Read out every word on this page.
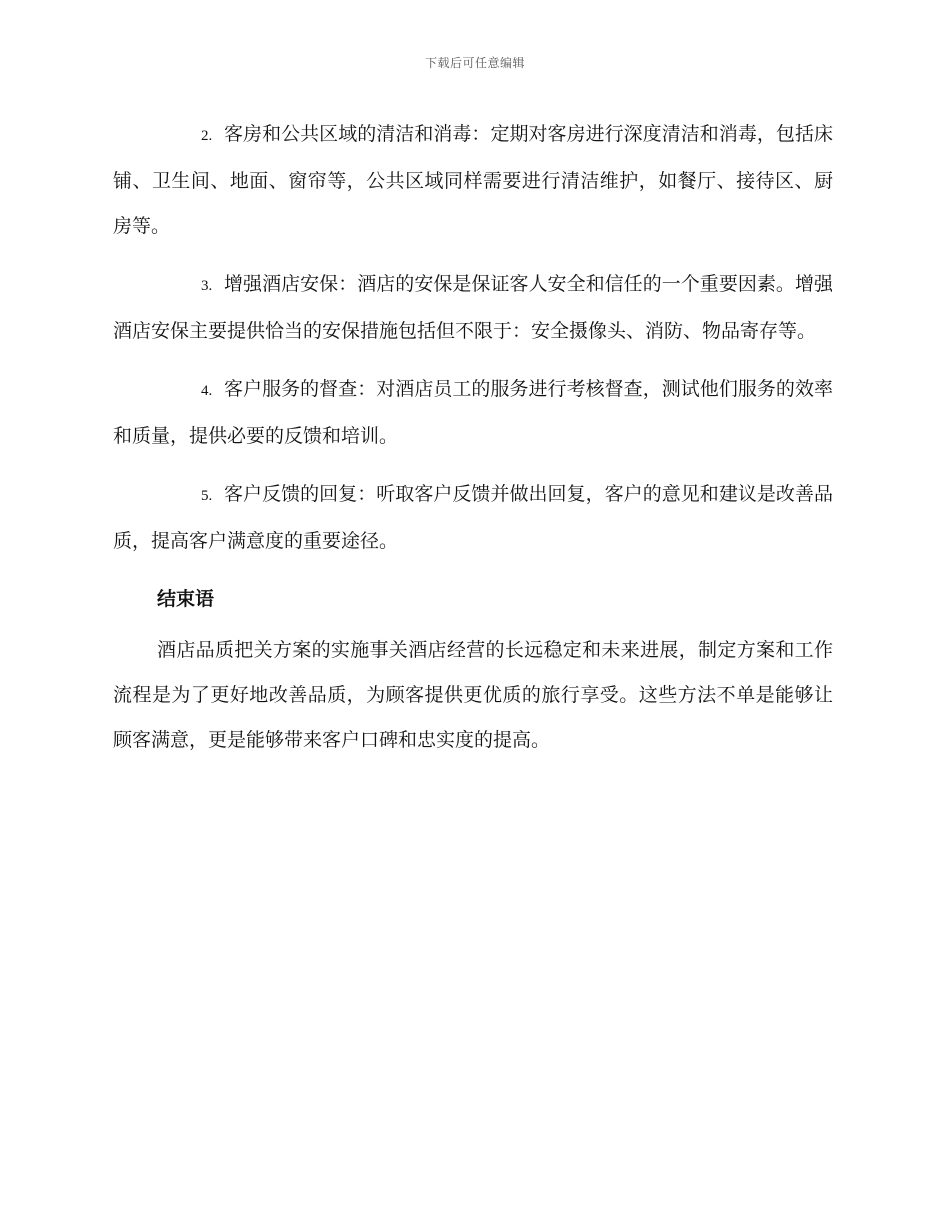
下载后可任意编辑

2. 客房和公共区域的清洁和消毒：定期对客房进行深度清洁和消毒，包括床铺、卫生间、地面、窗帘等，公共区域同样需要进行清洁维护，如餐厅、接待区、厨房等。

3. 增强酒店安保：酒店的安保是保证客人安全和信任的一个重要因素。增强酒店安保主要提供恰当的安保措施包括但不限于：安全摄像头、消防、物品寄存等。

4. 客户服务的督查：对酒店员工的服务进行考核督查，测试他们服务的效率和质量，提供必要的反馈和培训。

5. 客户反馈的回复：听取客户反馈并做出回复，客户的意见和建议是改善品质，提高客户满意度的重要途径。

结束语

酒店品质把关方案的实施事关酒店经营的长远稳定和未来进展，制定方案和工作流程是为了更好地改善品质，为顾客提供更优质的旅行享受。这些方法不单是能够让顾客满意，更是能够带来客户口碑和忠实度的提高。
